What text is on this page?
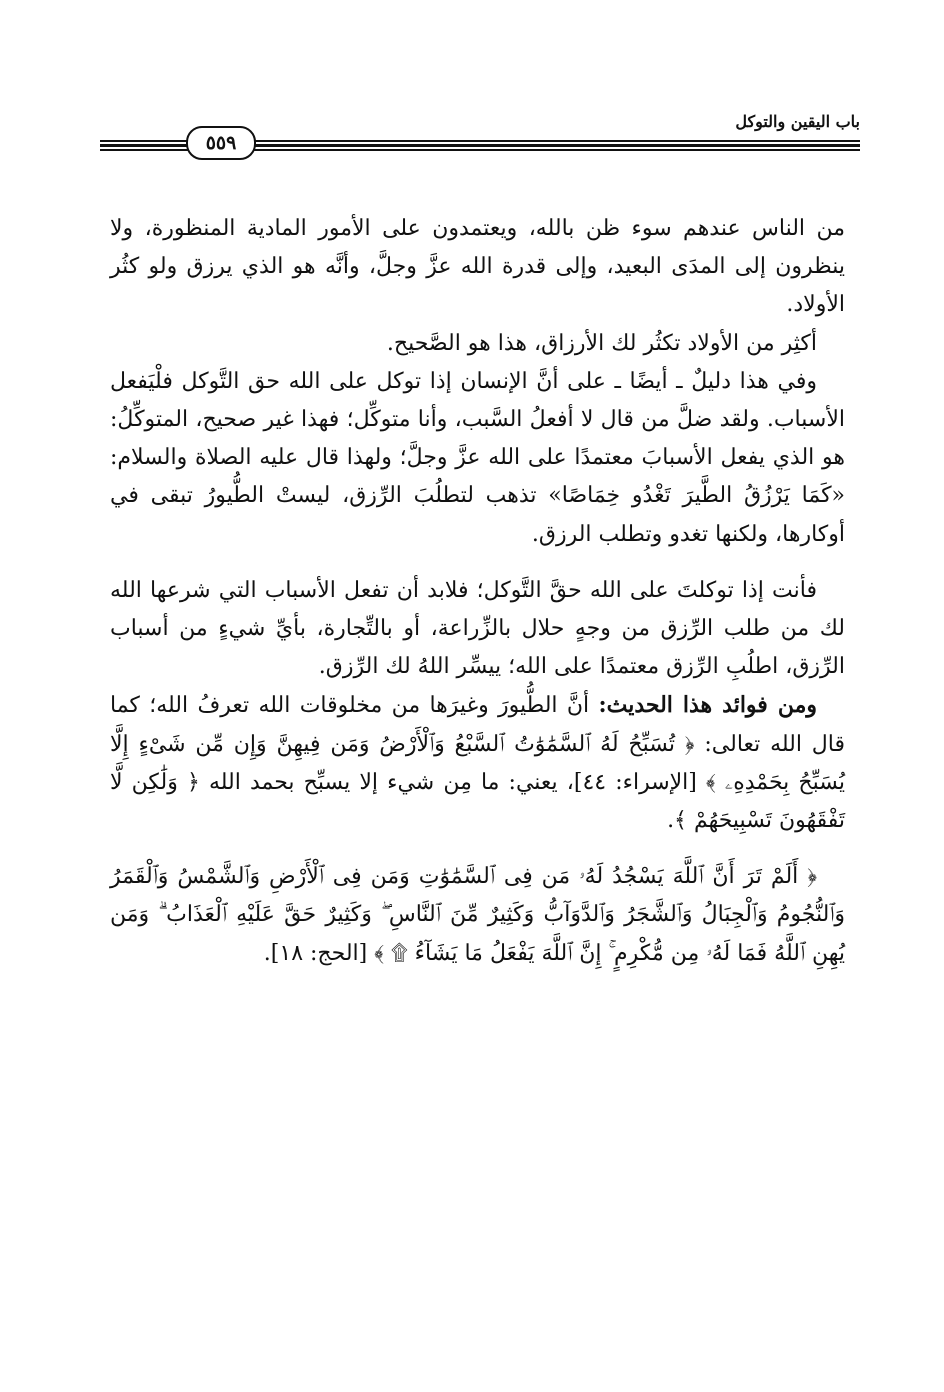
باب اليقين والتوكل
٥٥٩

من الناس عندهم سوء ظن بالله، ويعتمدون على الأمور المادية المنظورة، ولا ينظرون إلى المدَى البعيد، وإلى قدرة الله عزَّ وجلَّ، وأنَّه هو الذي يرزق ولو كثُر الأولاد.

أكثِر من الأولاد تكثُر لك الأرزاق، هذا هو الصَّحيح.

وفي هذا دليلٌ ـ أيضًا ـ على أنَّ الإنسان إذا توكل على الله حق التَّوكل فلْيَفعل الأسباب. ولقد ضلَّ من قال لا أفعلُ السَّبب، وأنا متوكِّل؛ فهذا غير صحيح، المتوكِّلُ: هو الذي يفعل الأسبابَ معتمدًا على الله عزَّ وجلَّ؛ ولهذا قال عليه الصلاة والسلام: «كَمَا يَرْزُقُ الطَّيرَ تَغْدُو خِمَاصًا» تذهب لتطلُبَ الرِّزق، ليستْ الطُّيورُ تبقى في أوكارها، ولكنها تغدو وتطلب الرزق.

فأنت إذا توكلتَ على الله حقَّ التَّوكل؛ فلابد أن تفعل الأسباب التي شرعها الله لك من طلب الرِّزق من وجهٍ حلال بالزِّراعة، أو بالتِّجارة، بأيِّ شيءٍ من أسباب الرِّزق، اطلُبِ الرِّزق معتمدًا على الله؛ ييسِّر اللهُ لك الرِّزق.

ومن فوائد هذا الحديث: أنَّ الطُّيورَ وغيرَها من مخلوقات الله تعرفُ الله؛ كما قال الله تعالى: ﴿ تُسَبِّحُ لَهُ ٱلسَّمَٰوَٰتُ ٱلسَّبْعُ وَٱلْأَرْضُ وَمَن فِيهِنَّ وَإِن مِّن شَىْءٍ إِلَّا يُسَبِّحُ بِحَمْدِهِۦ ﴾ [الإسراء: ٤٤]، يعني: ما مِن شيء إلا يسبِّح بحمد الله ﴿ وَلَٰكِن لَّا تَفْقَهُونَ تَسْبِيحَهُمْ ﴾.

﴿ أَلَمْ تَرَ أَنَّ ٱللَّهَ يَسْجُدُ لَهُۥ مَن فِى ٱلسَّمَٰوَٰتِ وَمَن فِى ٱلْأَرْضِ وَٱلشَّمْسُ وَٱلْقَمَرُ وَٱلنُّجُومُ وَٱلْجِبَالُ وَٱلشَّجَرُ وَٱلدَّوَآبُّ وَكَثِيرٌ مِّنَ ٱلنَّاسِ ۖ وَكَثِيرٌ حَقَّ عَلَيْهِ ٱلْعَذَابُ ۗ وَمَن يُهِنِ ٱللَّهُ فَمَا لَهُۥ مِن مُّكْرِمٍ ۚ إِنَّ ٱللَّهَ يَفْعَلُ مَا يَشَآءُ ۩ ﴾ [الحج: ١٨].
